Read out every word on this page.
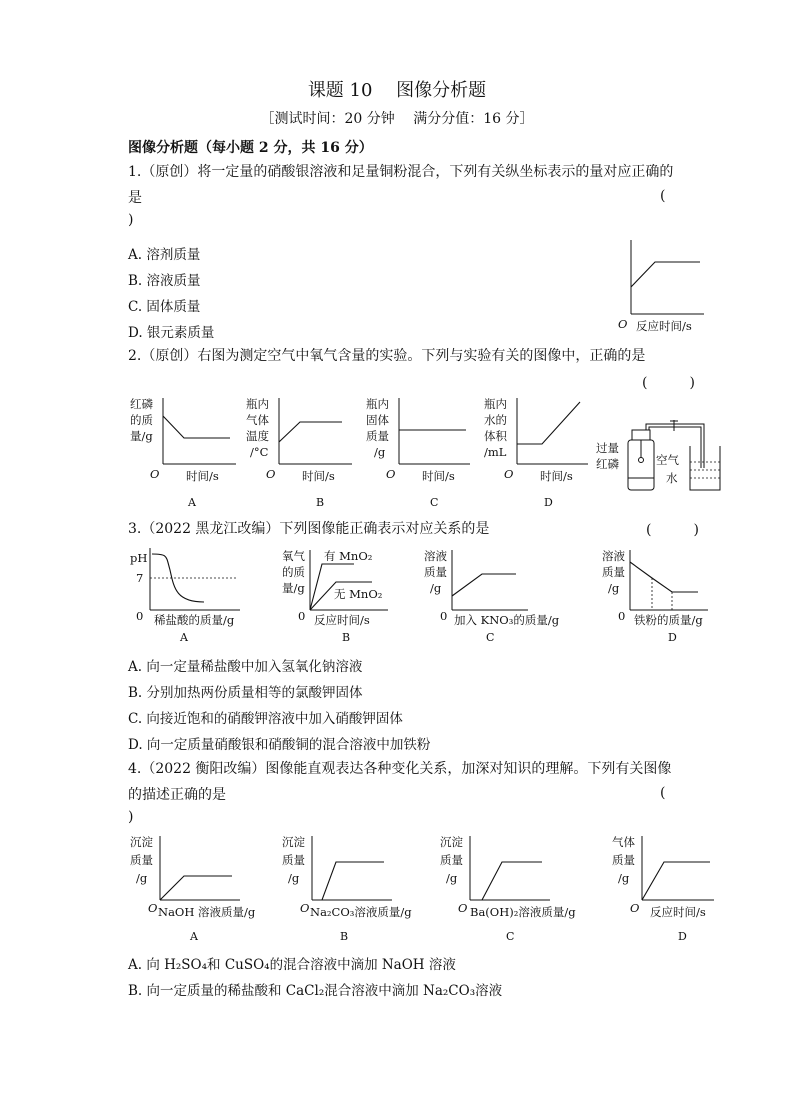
课题 10　 图像分析题
［测试时间：20 分钟　 满分分值：16 分］
图像分析题（每小题 2 分，共 16 分）
1.（原创）将一定量的硝酸银溶液和足量铜粉混合，下列有关纵坐标表示的量对应正确的
是	(
)
A. 溶剂质量
B. 溶液质量
C. 固体质量
D. 银元素质量
O 反应时间/s
2.（原创）右图为测定空气中氧气含量的实验。下列与实验有关的图像中，正确的是
(　　　)
红磷
的质
量/g
O 时间/s
A
瓶内
气体
温度
/°C
O 时间/s
B
瓶内
固体
质量
/g
O 时间/s
C
瓶内
水的
体积
/mL
O 时间/s
D
过量
红磷	空气
水
3.（2022 黑龙江改编）下列图像能正确表示对应关系的是	(　　　)
pH
7
0 稀盐酸的质量/g
A
氧气
的质
量/g
有 MnO₂
无 MnO₂
0 反应时间/s
B
溶液
质量
/g
0 加入 KNO₃的质量/g
C
溶液
质量
/g
0 铁粉的质量/g
D
A. 向一定量稀盐酸中加入氢氧化钠溶液
B. 分别加热两份质量相等的氯酸钾固体
C. 向接近饱和的硝酸钾溶液中加入硝酸钾固体
D. 向一定质量硝酸银和硝酸铜的混合溶液中加铁粉
4.（2022 衡阳改编）图像能直观表达各种变化关系，加深对知识的理解。下列有关图像
的描述正确的是	(
)
沉淀
质量
/g
O NaOH 溶液质量/g
A
沉淀
质量
/g
O Na₂CO₃溶液质量/g
B
沉淀
质量
/g
O Ba(OH)₂溶液质量/g
C
气体
质量
/g
O 反应时间/s
D
A. 向 H₂SO₄和 CuSO₄的混合溶液中滴加 NaOH 溶液
B. 向一定质量的稀盐酸和 CaCl₂混合溶液中滴加 Na₂CO₃溶液
